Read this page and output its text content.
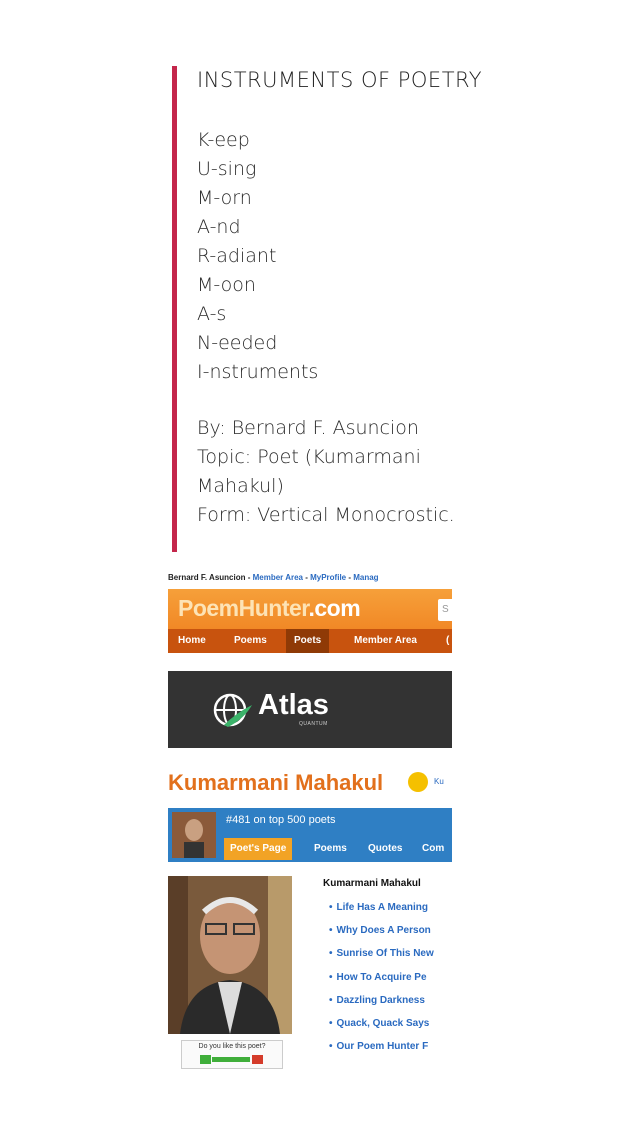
INSTRUMENTS OF POETRY
K-eep
U-sing
M-orn
A-nd
R-adiant
M-oon
A-s
N-eeded
I-nstruments
By: Bernard F. Asuncion
Topic: Poet (Kumarmani Mahakul)
Form: Vertical Monocrostic.
Bernard F. Asuncion - Member Area - MyProfile - Manag
PoemHunter.com	S
Home	Poems	Poets	Member Area	(
Atlas
QUANTUM
Kumarmani Mahakul	Ku
#481 on top 500 poets
Poet's Page	Poems Quotes Com
Do you like this poet?
Kumarmani Mahakul
• Life Has A Meaning
• Why Does A Person
• Sunrise Of This New
• How To Acquire Pe
• Dazzling Darkness
• Quack, Quack Says
• Our Poem Hunter F
